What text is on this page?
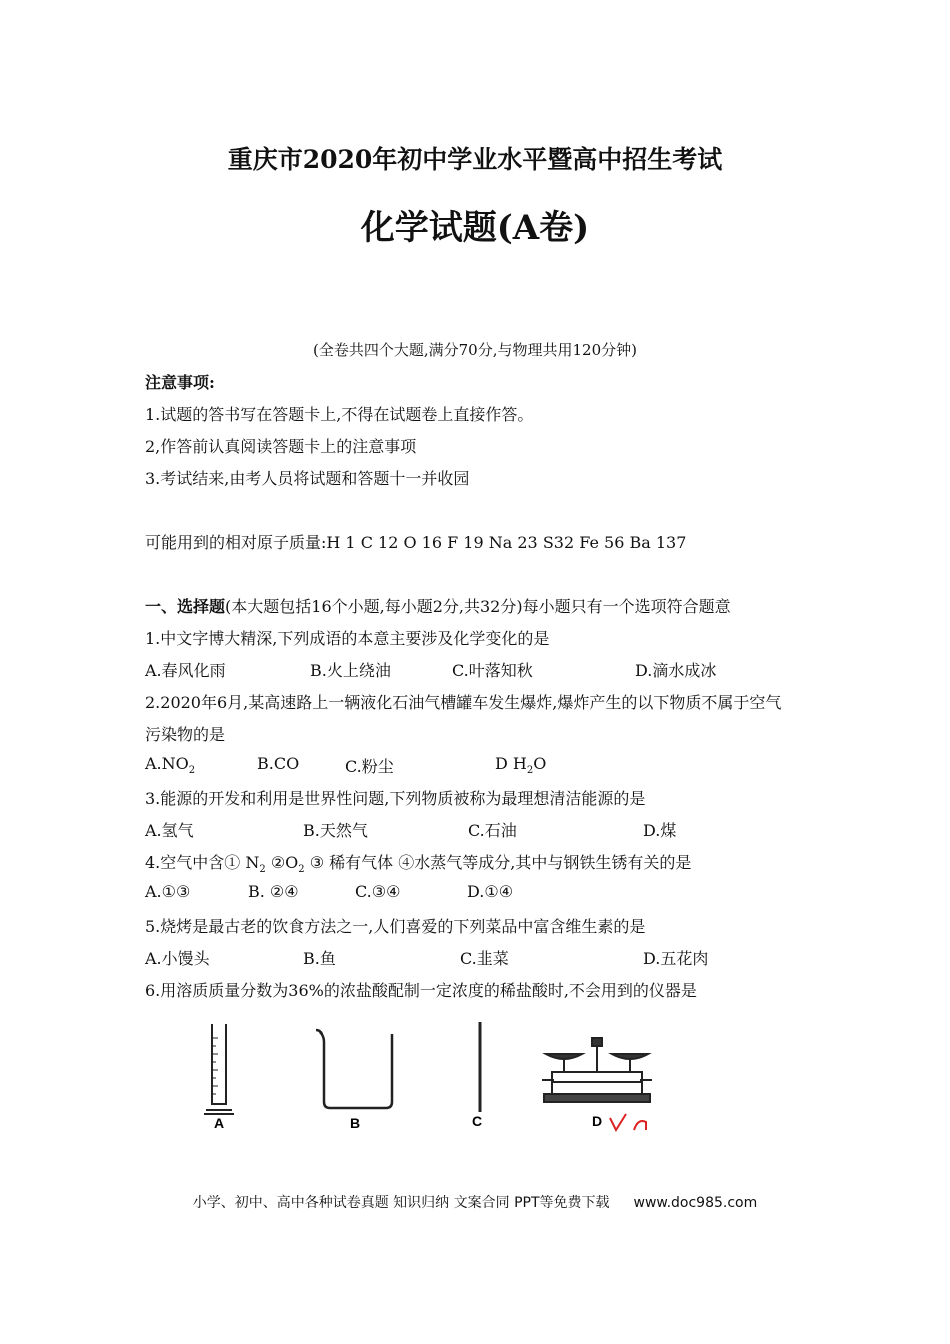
重庆市2020年初中学业水平暨高中招生考试
化学试题(A卷)
(全卷共四个大题,满分70分,与物理共用120分钟)
注意事项:
1.试题的答书写在答题卡上,不得在试题卷上直接作答。
2,作答前认真阅读答题卡上的注意事项
3.考试结来,由考人员将试题和答题十一并收园
可能用到的相对原子质量:H 1 C 12 O 16 F 19 Na 23 S32 Fe 56 Ba 137
一、选择题(本大题包括16个小题,每小题2分,共32分)每小题只有一个选项符合题意
1.中文字博大精深,下列成语的本意主要涉及化学变化的是
A.春风化雨	B.火上绕油	C.叶落知秋	D.滴水成冰
2.2020年6月,某高速路上一辆液化石油气槽罐车发生爆炸,爆炸产生的以下物质不属于空气
污染物的是
$A.NO_2$	B.CO	C.粉尘	D $H_2O$
3.能源的开发和利用是世界性问题,下列物质被称为最理想清洁能源的是
A.氢气	B.天然气	C.石油	D.煤
4.空气中含① $N_2$ $②O_2$ ③ 稀有气体 ④水蒸气等成分,其中与钢铁生锈有关的是
A.①③	B. ②④	C.③④	D.①④
5.烧烤是最古老的饮食方法之一,人们喜爱的下列菜品中富含维生素的是
A.小馒头	B.鱼	C.韭菜	D.五花肉
6.用溶质质量分数为36%的浓盐酸配制一定浓度的稀盐酸时,不会用到的仪器是
A	B	C	D
小学、初中、高中各种试卷真题 知识归纳 文案合同 PPT等免费下载 www.doc985.com
